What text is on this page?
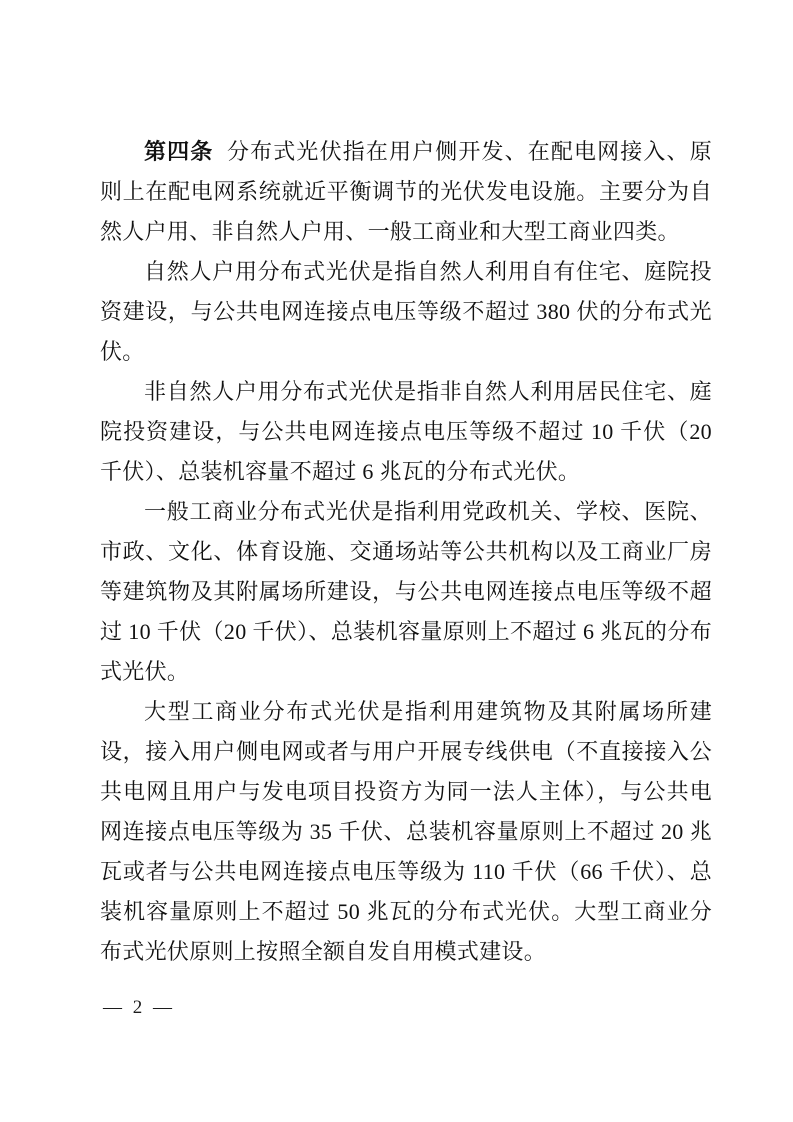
第四条 分布式光伏指在用户侧开发、在配电网接入、原则上在配电网系统就近平衡调节的光伏发电设施。主要分为自然人户用、非自然人户用、一般工商业和大型工商业四类。

自然人户用分布式光伏是指自然人利用自有住宅、庭院投资建设，与公共电网连接点电压等级不超过 380 伏的分布式光伏。

非自然人户用分布式光伏是指非自然人利用居民住宅、庭院投资建设，与公共电网连接点电压等级不超过 10 千伏（20 千伏）、总装机容量不超过 6 兆瓦的分布式光伏。

一般工商业分布式光伏是指利用党政机关、学校、医院、市政、文化、体育设施、交通场站等公共机构以及工商业厂房等建筑物及其附属场所建设，与公共电网连接点电压等级不超过 10 千伏（20 千伏）、总装机容量原则上不超过 6 兆瓦的分布式光伏。

大型工商业分布式光伏是指利用建筑物及其附属场所建设，接入用户侧电网或者与用户开展专线供电（不直接接入公共电网且用户与发电项目投资方为同一法人主体），与公共电网连接点电压等级为 35 千伏、总装机容量原则上不超过 20 兆瓦或者与公共电网连接点电压等级为 110 千伏（66 千伏）、总装机容量原则上不超过 50 兆瓦的分布式光伏。大型工商业分布式光伏原则上按照全额自发自用模式建设。

— 2 —
